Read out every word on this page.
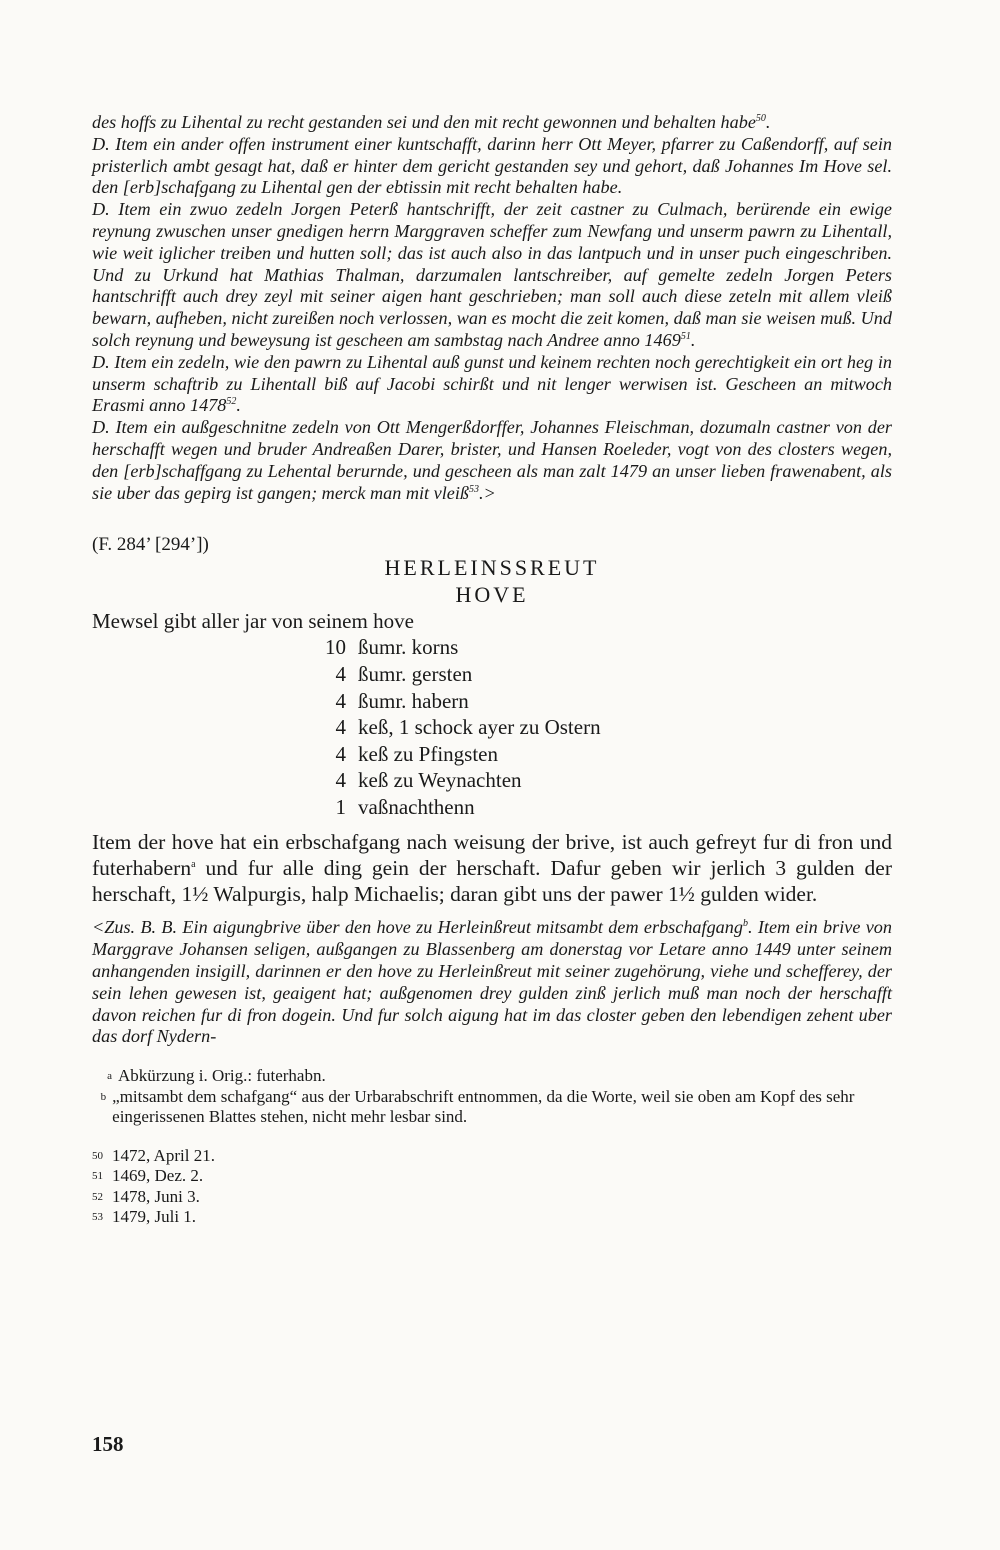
des hoffs zu Lihental zu recht gestanden sei und den mit recht gewonnen und behalten habe$^{50}$.

D. Item ein ander offen instrument einer kuntschafft, darinn herr Ott Meyer, pfarrer zu Caßendorff, auf sein pristerlich ambt gesagt hat, daß er hinter dem gericht gestanden sey und gehort, daß Johannes Im Hove sel. den [erb]schafgang zu Lihental gen der ebtissin mit recht behalten habe.

D. Item ein zwuo zedeln Jorgen Peterß hantschrifft, der zeit castner zu Culmach, berürende ein ewige reynung zwuschen unser gnedigen herrn Marggraven scheffer zum Newfang und unserm pawrn zu Lihentall, wie weit iglicher treiben und hutten soll; das ist auch also in das lantpuch und in unser puch eingeschriben. Und zu Urkund hat Mathias Thalman, darzumalen lantschreiber, auf gemelte zedeln Jorgen Peters hantschrifft auch drey zeyl mit seiner aigen hant geschrieben; man soll auch diese zeteln mit allem vleiß bewarn, aufheben, nicht zureißen noch verlossen, wan es mocht die zeit komen, daß man sie weisen muß. Und solch reynung und beweysung ist gescheen am sambstag nach Andree anno 1469$^{51}$.

D. Item ein zedeln, wie den pawrn zu Lihental auß gunst und keinem rechten noch gerechtigkeit ein ort heg in unserm schaftrib zu Lihentall biß auf Jacobi schirßt und nit lenger werwisen ist. Gescheen an mitwoch Erasmi anno 1478$^{52}$.

D. Item ein außgeschnitne zedeln von Ott Mengerßdorffer, Johannes Fleischman, dozumaln castner von der herschafft wegen und bruder Andreaßen Darer, brister, und Hansen Roeleder, vogt von des closters wegen, den [erb]schaffgang zu Lehental berurnde, und gescheen als man zalt 1479 an unser lieben frawenabent, als sie uber das gepirg ist gangen; merck man mit vleiß$^{53}$.>

(F. 284’ [294’])
HERLEINSSREUT
HOVE
Mewsel gibt aller jar von seinem hove
10 ßumr. korns
4 ßumr. gersten
4 ßumr. habern
4 keß, 1 schock ayer zu Ostern
4 keß zu Pfingsten
4 keß zu Weynachten
1 vaßnachthenn

Item der hove hat ein erbschafgang nach weisung der brive, ist auch gefreyt fur di fron und futerhabern$^a$ und fur alle ding gein der herschaft. Dafur geben wir jerlich 3 gulden der herschaft, 1½ Walpurgis, halp Michaelis; daran gibt uns der pawer 1½ gulden wider.

<Zus. B. B. Ein aigungbrive über den hove zu Herleinßreut mitsambt dem erbschafgang$^b$. Item ein brive von Marggrave Johansen seligen, außgangen zu Blassenberg am donerstag vor Letare anno 1449 unter seinem anhangenden insigill, darinnen er den hove zu Herleinßreut mit seiner zugehörung, viehe und schefferey, der sein lehen gewesen ist, geaigent hat; außgenomen drey gulden zinß jerlich muß man noch der herschafft davon reichen fur di fron dogein. Und fur solch aigung hat im das closter geben den lebendigen zehent uber das dorf Nydern-

a Abkürzung i. Orig.: futerhabn.
b „mitsambt dem schafgang“ aus der Urbarabschrift entnommen, da die Worte, weil sie oben am Kopf des sehr eingerissenen Blattes stehen, nicht mehr lesbar sind.
50 1472, April 21.
51 1469, Dez. 2.
52 1478, Juni 3.
53 1479, Juli 1.
158
